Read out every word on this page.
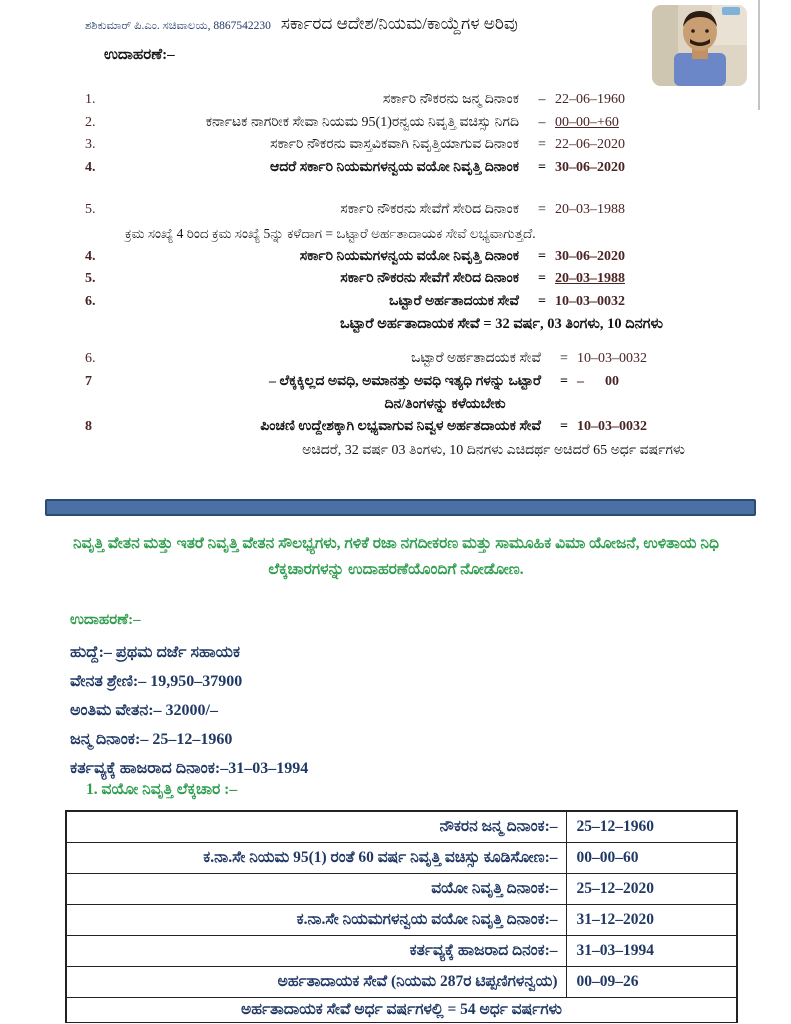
ಶಶಿಕುಮಾರ್ ಪಿ.ಎಂ. ಸಚಿವಾಲಯ, 8867542230 ಸರ್ಕಾರದ ಆದೇಶ/ನಿಯಮ/ಕಾಯ್ದೆಗಳ ಅರಿವು
ಉದಾಹರಣೆ:–
1.	ಸರ್ಕಾರಿ ನೌಕರನು ಜನ್ಮ ದಿನಾಂಕ	– 22–06–1960
2.	ಕರ್ನಾಟಕ ನಾಗರೀಕ ಸೇವಾ ನಿಯಮ 95(1)ರನ್ವಯ ನಿವೃತ್ತಿ ವಚಿಸ್ಸು ನಿಗದಿ	– 00–00–+60
3.	ಸರ್ಕಾರಿ ನೌಕರನು ವಾಸ್ತವಿಕವಾಗಿ ನಿವೃತ್ತಿಯಾಗುವ ದಿನಾಂಕ	= 22–06–2020
4.	ಆದರೆ ಸರ್ಕಾರಿ ನಿಯಮಗಳನ್ವಯ ವಯೋ ನಿವೃತ್ತಿ ದಿನಾಂಕ	= 30–06–2020
5.	ಸರ್ಕಾರಿ ನೌಕರನು ಸೇವೆಗೆ ಸೇರಿದ ದಿನಾಂಕ	= 20–03–1988
ಕ್ರಮ ಸಂಖ್ಯೆ 4 ರಿಂದ ಕ್ರಮ ಸಂಖ್ಯೆ 5ನ್ನು ಕಳೆದಾಗ = ಒಟ್ಟಾರೆ ಅರ್ಹತಾದಾಯಕ ಸೇವೆ ಲಭ್ಯವಾಗುತ್ತದೆ.
4.	ಸರ್ಕಾರಿ ನಿಯಮಗಳನ್ವಯ ವಯೋ ನಿವೃತ್ತಿ ದಿನಾಂಕ	= 30–06–2020
5.	ಸರ್ಕಾರಿ ನೌಕರನು ಸೇವೆಗೆ ಸೇರಿದ ದಿನಾಂಕ	= 20–03–1988
6.	ಒಟ್ಟಾರೆ ಅರ್ಹತಾದಯಕ ಸೇವೆ	= 10–03–0032
ಒಟ್ಟಾರೆ ಅರ್ಹತಾದಾಯಕ ಸೇವೆ = 32 ವರ್ಷ, 03 ತಿಂಗಳು, 10 ದಿನಗಳು
6.	ಒಟ್ಟಾರೆ ಅರ್ಹತಾದಯಕ ಸೇವೆ	= 10–03–0032
7	– ಲೆಕ್ಕಕ್ಕಿಲ್ಲದ ಅವಧಿ, ಅಮಾನತ್ತು ಅವಧಿ ಇತ್ಯಧಿ ಗಳನ್ನು ಒಟ್ಟಾರೆ	= –      00
ದಿನ/ತಿಂಗಳನ್ನು ಕಳೆಯಬೇಕು
8	ಪಿಂಚಣಿ ಉದ್ದೇಶಕ್ಕಾಗಿ ಲಭ್ಯವಾಗುವ ನಿವ್ವಳ ಅರ್ಹತದಾಯಕ ಸೇವೆ	= 10–03–0032
ಅಚಿದರೆ, 32 ವರ್ಷ 03 ತಿಂಗಳು, 10 ದಿನಗಳು ಎಚಿದರ್ಥ ಅಚಿದರೆ 65 ಅರ್ಧ ವರ್ಷಗಳು
ನಿವೃತ್ತಿ ವೇತನ ಮತ್ತು ಇತರೆ ನಿವೃತ್ತಿ ವೇತನ ಸೌಲಭ್ಯಗಳು, ಗಳಿಕೆ ರಜಾ ನಗದೀಕರಣ ಮತ್ತು ಸಾಮೂಹಿಕ ವಿಮಾ ಯೋಜನೆ, ಉಳಿತಾಯ ನಿಧಿ ಲೆಕ್ಕಚಾರಗಳನ್ನು ಉದಾಹರಣೆಯೊಂದಿಗೆ ನೋಡೋಣ.
ಉದಾಹರಣೆ:–
ಹುದ್ದೆ:– ಪ್ರಥಮ ದರ್ಜೆ ಸಹಾಯಕ
ವೇನತ ಶ್ರೇಣಿ:– 19,950–37900
ಅಂತಿಮ ವೇತನ:– 32000/–
ಜನ್ಮ ದಿನಾಂಕ:– 25–12–1960
ಕರ್ತವ್ಯಕ್ಕೆ ಹಾಜರಾದ ದಿನಾಂಕ:–31–03–1994
1. ವಯೋ ನಿವೃತ್ತಿ ಲೆಕ್ಕಚಾರ :–
ನೌಕರನ ಜನ್ಮ ದಿನಾಂಕ:–	25–12–1960
ಕ.ನಾ.ಸೇ ನಿಯಮ 95(1) ರಂತೆ 60 ವರ್ಷ ನಿವೃತ್ತಿ ವಚಿಸ್ಸು ಕೂಡಿಸೋಣ:–	00–00–60
ವಯೋ ನಿವೃತ್ತಿ ದಿನಾಂಕ:–	25–12–2020
ಕ.ನಾ.ಸೇ ನಿಯಮಗಳನ್ವಯ ವಯೋ ನಿವೃತ್ತಿ ದಿನಾಂಕ:–	31–12–2020
ಕರ್ತವ್ಯಕ್ಕೆ ಹಾಜರಾದ ದಿನಂಕ:–	31–03–1994
ಅರ್ಹತಾದಾಯಕ ಸೇವೆ (ನಿಯಮ 287ರ ಟಿಪ್ಪಣಿಗಳನ್ವಯ)	00–09–26
ಅರ್ಹತಾದಾಯಕ ಸೇವೆ ಅರ್ಧ ವರ್ಷಗಳಲ್ಲಿ = 54 ಅರ್ಧ ವರ್ಷಗಳು	
